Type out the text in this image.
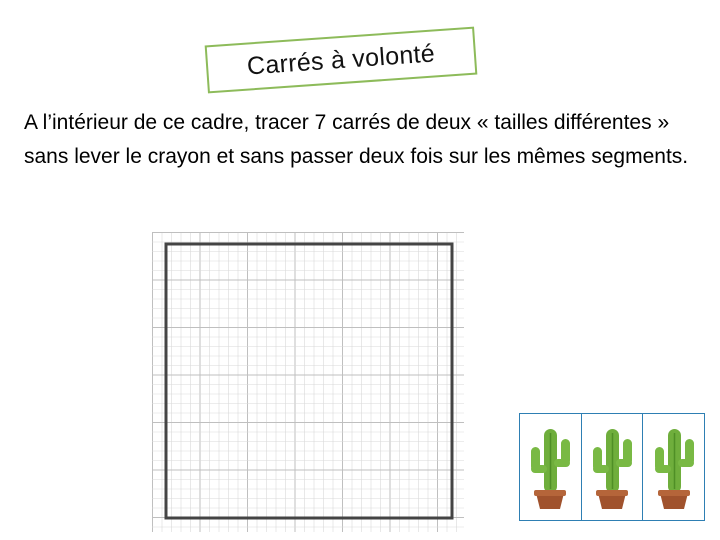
Carrés à volonté
A l’intérieur de ce cadre, tracer 7 carrés de deux « tailles différentes » sans lever le crayon et sans passer deux fois sur les mêmes segments.
